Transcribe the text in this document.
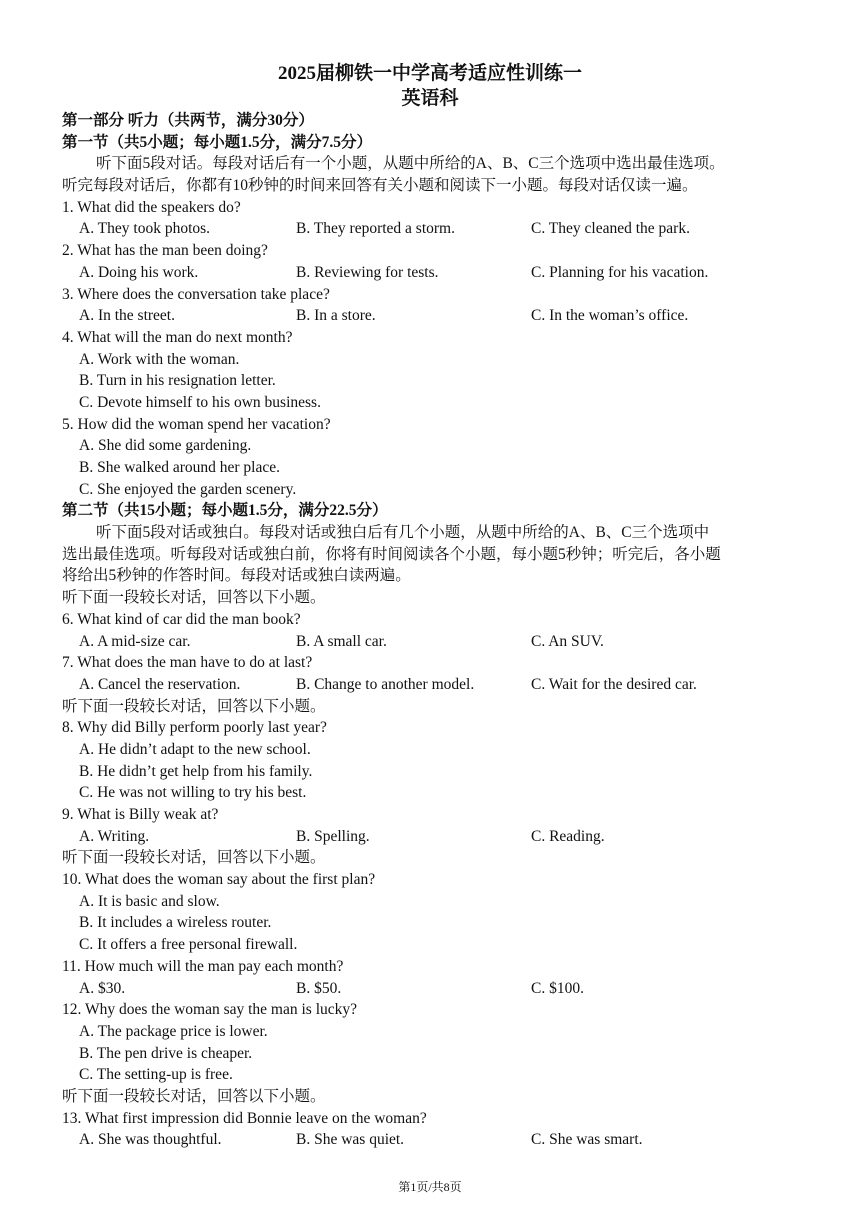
2025届柳铁一中学高考适应性训练一
英语科
第一部分 听力（共两节，满分30分）
第一节（共5小题；每小题1.5分，满分7.5分）
听下面5段对话。每段对话后有一个小题，从题中所给的A、B、C三个选项中选出最佳选项。
听完每段对话后，你都有10秒钟的时间来回答有关小题和阅读下一小题。每段对话仅读一遍。
1. What did the speakers do?
A. They took photos.	B. They reported a storm.	C. They cleaned the park.
2. What has the man been doing?
A. Doing his work.	B. Reviewing for tests.	C. Planning for his vacation.
3. Where does the conversation take place?
A. In the street.	B. In a store.	C. In the woman’s office.
4. What will the man do next month?
A. Work with the woman.
B. Turn in his resignation letter.
C. Devote himself to his own business.
5. How did the woman spend her vacation?
A. She did some gardening.
B. She walked around her place.
C. She enjoyed the garden scenery.
第二节（共15小题；每小题1.5分，满分22.5分）
听下面5段对话或独白。每段对话或独白后有几个小题，从题中所给的A、B、C三个选项中
选出最佳选项。听每段对话或独白前，你将有时间阅读各个小题，每小题5秒钟；听完后，各小题
将给出5秒钟的作答时间。每段对话或独白读两遍。
听下面一段较长对话，回答以下小题。
6. What kind of car did the man book?
A. A mid-size car.	B. A small car.	C. An SUV.
7. What does the man have to do at last?
A. Cancel the reservation.	B. Change to another model.	C. Wait for the desired car.
听下面一段较长对话，回答以下小题。
8. Why did Billy perform poorly last year?
A. He didn’t adapt to the new school.
B. He didn’t get help from his family.
C. He was not willing to try his best.
9. What is Billy weak at?
A. Writing.	B. Spelling.	C. Reading.
听下面一段较长对话，回答以下小题。
10. What does the woman say about the first plan?
A. It is basic and slow.
B. It includes a wireless router.
C. It offers a free personal firewall.
11. How much will the man pay each month?
A. $30.	B. $50.	C. $100.
12. Why does the woman say the man is lucky?
A. The package price is lower.
B. The pen drive is cheaper.
C. The setting-up is free.
听下面一段较长对话，回答以下小题。
13. What first impression did Bonnie leave on the woman?
A. She was thoughtful.	B. She was quiet.	C. She was smart.
第1页/共8页
